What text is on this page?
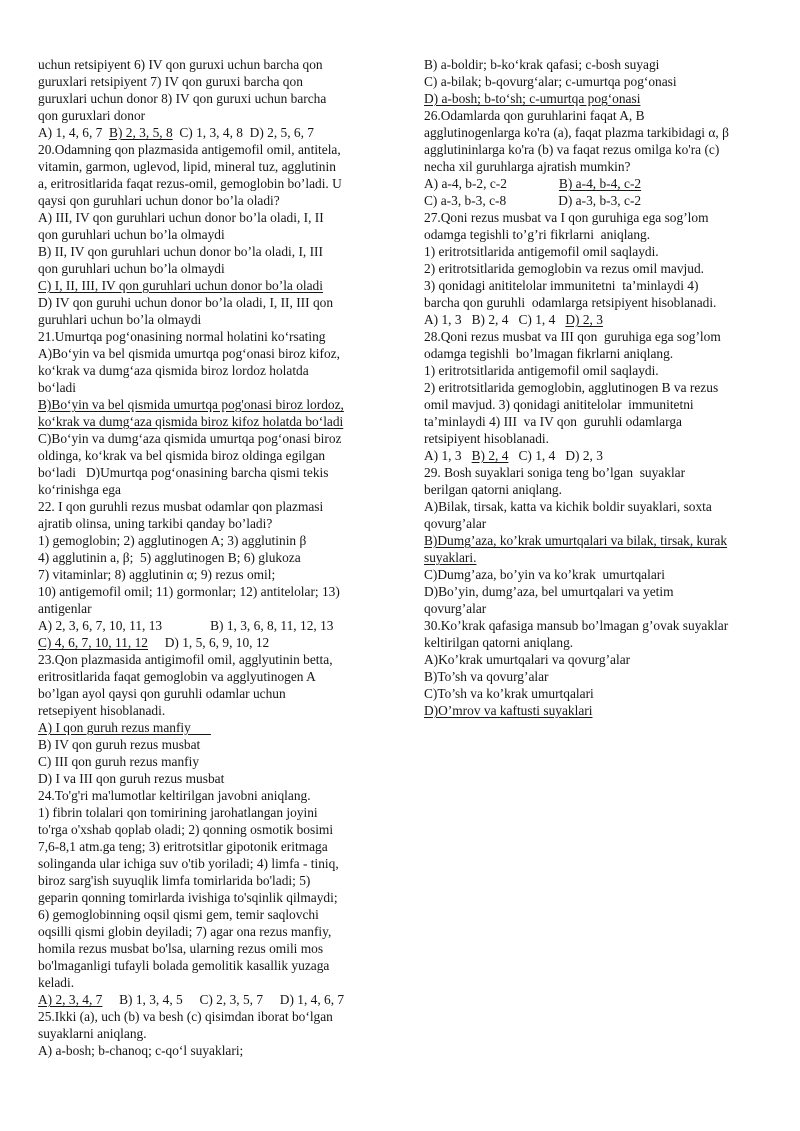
uchun retsipiyent 6) IV qon guruxi uchun barcha qon
guruxlari retsipiyent 7) IV qon guruxi barcha qon
guruxlari uchun donor 8) IV qon guruxi uchun barcha
qon guruxlari donor
A) 1, 4, 6, 7  B) 2, 3, 5, 8  C) 1, 3, 4, 8  D) 2, 5, 6, 7
20.Odamning qon plazmasida antigemofil omil, antitela,
vitamin, garmon, uglevod, lipid, mineral tuz, agglutinin
a, eritrositlarida faqat rezus-omil, gemoglobin bo’ladi. U
qaysi qon guruhlari uchun donor bo’la oladi?
A) III, IV qon guruhlari uchun donor bo’la oladi, I, II
qon guruhlari uchun bo’la olmaydi
B) II, IV qon guruhlari uchun donor bo’la oladi, I, III
qon guruhlari uchun bo’la olmaydi
C) I, II, III, IV qon guruhlari uchun donor bo’la oladi
D) IV qon guruhi uchun donor bo’la oladi, I, II, III qon
guruhlari uchun bo’la olmaydi
21.Umurtqa pog‘onasining normal holatini ko‘rsating
A)Bo‘yin va bel qismida umurtqa pog‘onasi biroz kifoz,
ko‘krak va dumg‘aza qismida biroz lordoz holatda
bo‘ladi
B)Bo‘yin va bel qismida umurtqa pog'onasi biroz lordoz,
ko‘krak va dumg‘aza qismida biroz kifoz holatda bo‘ladi
C)Bo‘yin va dumg‘aza qismida umurtqa pog‘onasi biroz
oldinga, ko‘krak va bel qismida biroz oldinga egilgan
bo‘ladi   D)Umurtqa pog‘onasining barcha qismi tekis
ko‘rinishga ega
22. I qon guruhli rezus musbat odamlar qon plazmasi
ajratib olinsa, uning tarkibi qanday bo’ladi?
1) gemoglobin; 2) agglutinogen A; 3) agglutinin β
4) agglutinin a, β;  5) agglutinogen B; 6) glukoza
7) vitaminlar; 8) agglutinin α; 9) rezus omil;
10) antigemofil omil; 11) gormonlar; 12) antitelolar; 13)
antigenlar
A) 2, 3, 6, 7, 10, 11, 13	B) 1, 3, 6, 8, 11, 12, 13
C) 4, 6, 7, 10, 11, 12     D) 1, 5, 6, 9, 10, 12
23.Qon plazmasida antigimofil omil, agglyutinin betta,
eritrositlarida faqat gemoglobin va agglyutinogen A
bo’lgan ayol qaysi qon guruhli odamlar uchun
retsepiyent hisoblanadi.
A) I qon guruh rezus manfiy
B) IV qon guruh rezus musbat
C) III qon guruh rezus manfiy
D) I va III qon guruh rezus musbat
24.To'g'ri ma'lumotlar keltirilgan javobni aniqlang.
1) fibrin tolalari qon tomirining jarohatlangan joyini
to'rga o'xshab qoplab oladi; 2) qonning osmotik bosimi
7,6-8,1 atm.ga teng; 3) eritrotsitlar gipotonik eritmaga
solinganda ular ichiga suv o'tib yoriladi; 4) limfa - tiniq,
biroz sarg'ish suyuqlik limfa tomirlarida bo'ladi; 5)
geparin qonning tomirlarda ivishiga to'sqinlik qilmaydi;
6) gemoglobinning oqsil qismi gem, temir saqlovchi
oqsilli qismi globin deyiladi; 7) agar ona rezus manfiy,
homila rezus musbat bo'lsa, ularning rezus omili mos
bo'lmaganligi tufayli bolada gemolitik kasallik yuzaga
keladi.
A) 2, 3, 4, 7     B) 1, 3, 4, 5     C) 2, 3, 5, 7     D) 1, 4, 6, 7
25.Ikki (a), uch (b) va besh (c) qisimdan iborat bo‘lgan
suyaklarni aniqlang.
A) a-bosh; b-chanoq; c-qo‘l suyaklari;
B) a-boldir; b-ko‘krak qafasi; c-bosh suyagi
C) a-bilak; b-qovurg‘alar; c-umurtqa pog‘onasi
D) a-bosh; b-to‘sh; c-umurtqa pog‘onasi
26.Odamlarda qon guruhlarini faqat A, B
agglutinogenlarga ko'ra (a), faqat plazma tarkibidagi α, β
agglutininlarga ko'ra (b) va faqat rezus omilga ko'ra (c)
necha xil guruhlarga ajratish mumkin?
A) a-4, b-2, c-2	B) a-4, b-4, c-2
C) a-3, b-3, c-8	D) a-3, b-3, c-2
27.Qoni rezus musbat va I qon guruhiga ega sog’lom
odamga tegishli to’g’ri fikrlarni  aniqlang.
1) eritrotsitlarida antigemofil omil saqlaydi.
2) eritrotsitlarida gemoglobin va rezus omil mavjud.
3) qonidagi anititelolar immunitetni  ta’minlaydi 4)
barcha qon guruhli  odamlarga retsipiyent hisoblanadi.
A) 1, 3   B) 2, 4   C) 1, 4   D) 2, 3
28.Qoni rezus musbat va III qon  guruhiga ega sog’lom
odamga tegishli  bo’lmagan fikrlarni aniqlang.
1) eritrotsitlarida antigemofil omil saqlaydi.
2) eritrotsitlarida gemoglobin, agglutinogen B va rezus
omil mavjud. 3) qonidagi anititelolar  immunitetni
ta’minlaydi 4) III  va IV qon  guruhli odamlarga
retsipiyent hisoblanadi.
A) 1, 3   B) 2, 4   C) 1, 4   D) 2, 3
29. Bosh suyaklari soniga teng bo’lgan  suyaklar
berilgan qatorni aniqlang.
A)Bilak, tirsak, katta va kichik boldir suyaklari, soxta
qovurg’alar
B)Dumg’aza, ko’krak umurtqalari va bilak, tirsak, kurak
suyaklari.
C)Dumg’aza, bo’yin va ko’krak  umurtqalari
D)Bo’yin, dumg’aza, bel umurtqalari va yetim
qovurg’alar
30.Ko’krak qafasiga mansub bo’lmagan g’ovak suyaklar
keltirilgan qatorni aniqlang.
A)Ko’krak umurtqalari va qovurg’alar
B)To’sh va qovurg’alar
C)To’sh va ko’krak umurtqalari
D)O’mrov va kaftusti suyaklari
